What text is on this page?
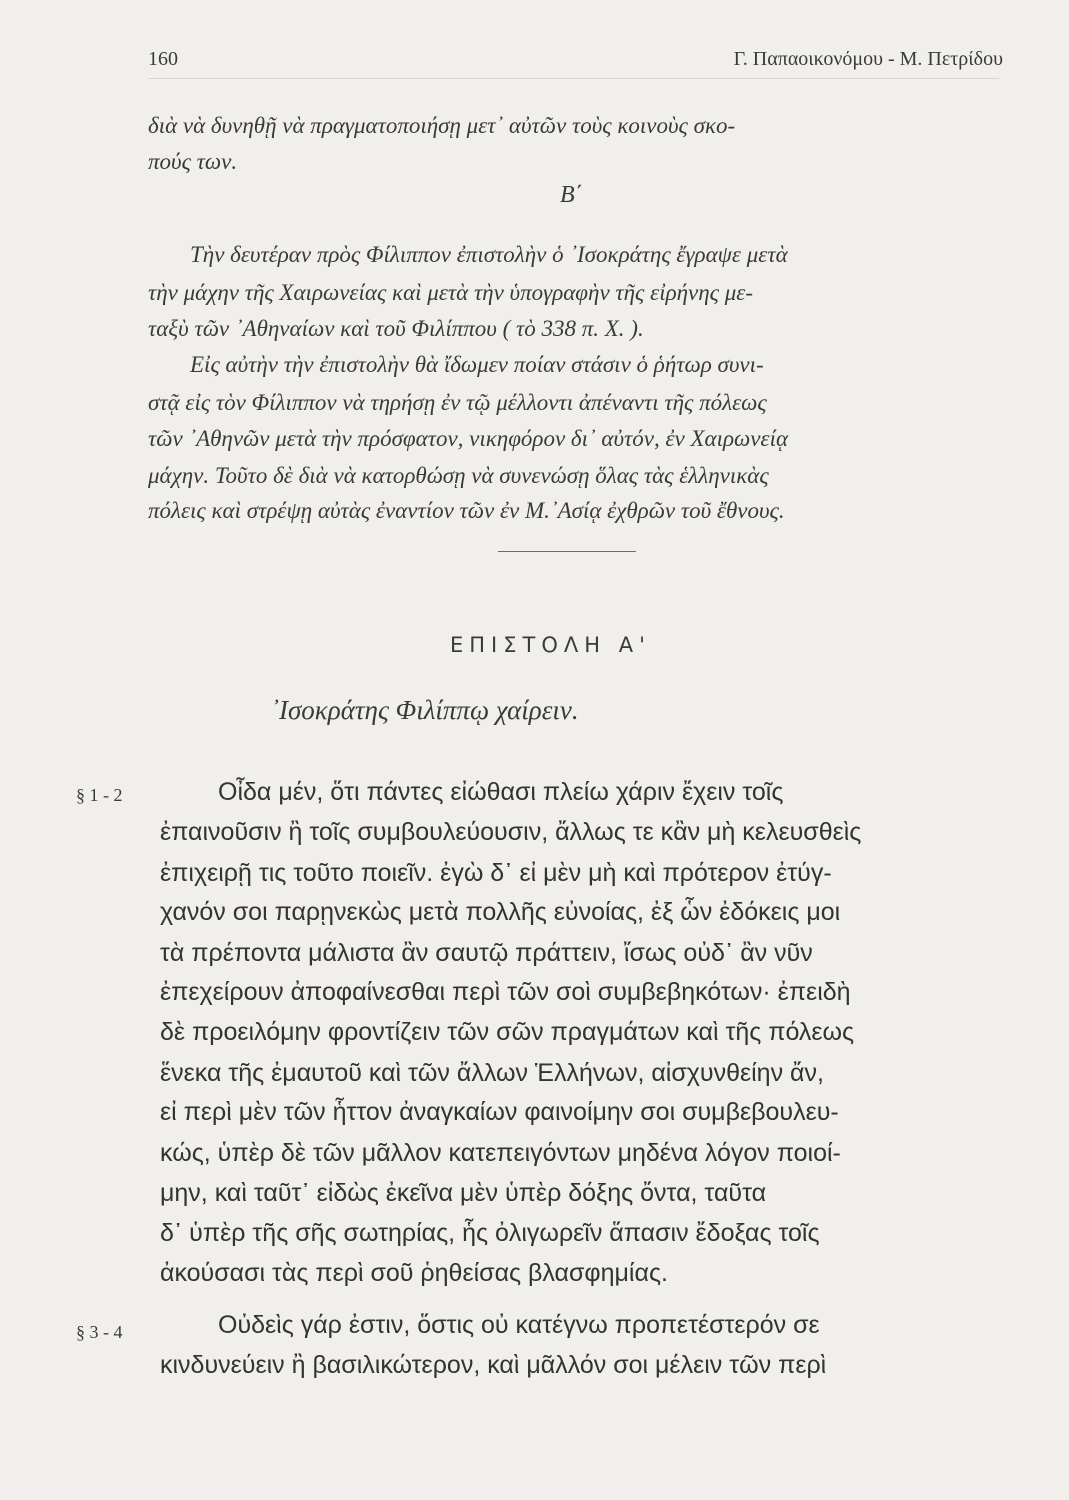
160	Γ. Παπαοικονόμου - Μ. Πετρίδου
διὰ νὰ δυνηθῇ νὰ πραγματοποιήσῃ μετ᾽ αὐτῶν τοὺς κοινοὺς σκο-
πούς των.
Β΄
Τὴν δευτέραν πρὸς Φίλιππον ἐπιστολὴν ὁ ᾽Ισοκράτης ἔγραψε μετὰ
τὴν μάχην τῆς Χαιρωνείας καὶ μετὰ τὴν ὑπογραφὴν τῆς εἰρήνης με-
ταξὺ τῶν ᾽Αθηναίων καὶ τοῦ Φιλίππου ( τὸ 338 π. Χ. ).
Εἰς αὐτὴν τὴν ἐπιστολὴν θὰ ἴδωμεν ποίαν στάσιν ὁ ῥήτωρ συνι-
στᾷ εἰς τὸν Φίλιππον νὰ τηρήσῃ ἐν τῷ μέλλοντι ἀπέναντι τῆς πόλεως
τῶν ᾽Αθηνῶν μετὰ τὴν πρόσφατον, νικηφόρον δι᾽ αὐτόν, ἐν Χαιρωνείᾳ
μάχην. Τοῦτο δὲ διὰ νὰ κατορθώσῃ νὰ συνενώσῃ ὅλας τὰς ἑλληνικὰς
πόλεις καὶ στρέψῃ αὐτὰς ἐναντίον τῶν ἐν Μ.᾽Ασίᾳ ἐχθρῶν τοῦ ἔθνους.
ΕΠΙΣΤΟΛΗ Α'
᾽Ισοκράτης Φιλίππῳ χαίρειν.
§ 1 - 2
§ 3 - 4
Οἶδα μέν, ὅτι πάντες εἰώθασι πλείω χάριν ἔχειν τοῖς
ἐπαινοῦσιν ἢ τοῖς συμβουλεύουσιν, ἄλλως τε κἂν μὴ κελευσθεὶς
ἐπιχειρῇ τις τοῦτο ποιεῖν. ἐγὼ δ᾽ εἰ μὲν μὴ καὶ πρότερον ἐτύγ-
χανόν σοι παρῃνεκὼς μετὰ πολλῆς εὐνοίας, ἐξ ὧν ἐδόκεις μοι
τὰ πρέποντα μάλιστα ἂν σαυτῷ πράττειν, ἴσως οὐδ᾽ ἂν νῦν
ἐπεχείρουν ἀποφαίνεσθαι περὶ τῶν σοὶ συμβεβηκότων· ἐπειδὴ
δὲ προειλόμην φροντίζειν τῶν σῶν πραγμάτων καὶ τῆς πόλεως
ἕνεκα τῆς ἐμαυτοῦ καὶ τῶν ἄλλων Ἑλλήνων, αἰσχυνθείην ἄν,
εἰ περὶ μὲν τῶν ἧττον ἀναγκαίων φαινοίμην σοι συμβεβουλευ-
κώς, ὑπὲρ δὲ τῶν μᾶλλον κατεπειγόντων μηδένα λόγον ποιοί-
μην, καὶ ταῦτ᾽ εἰδὼς ἐκεῖνα μὲν ὑπὲρ δόξης ὄντα, ταῦτα
δ᾽ ὑπὲρ τῆς σῆς σωτηρίας, ἧς ὀλιγωρεῖν ἅπασιν ἔδοξας τοῖς
ἀκούσασι τὰς περὶ σοῦ ῥηθείσας βλασφημίας.
Οὐδεὶς γάρ ἐστιν, ὅστις οὐ κατέγνω προπετέστερόν σε
κινδυνεύειν ἢ βασιλικώτερον, καὶ μᾶλλόν σοι μέλειν τῶν περὶ
